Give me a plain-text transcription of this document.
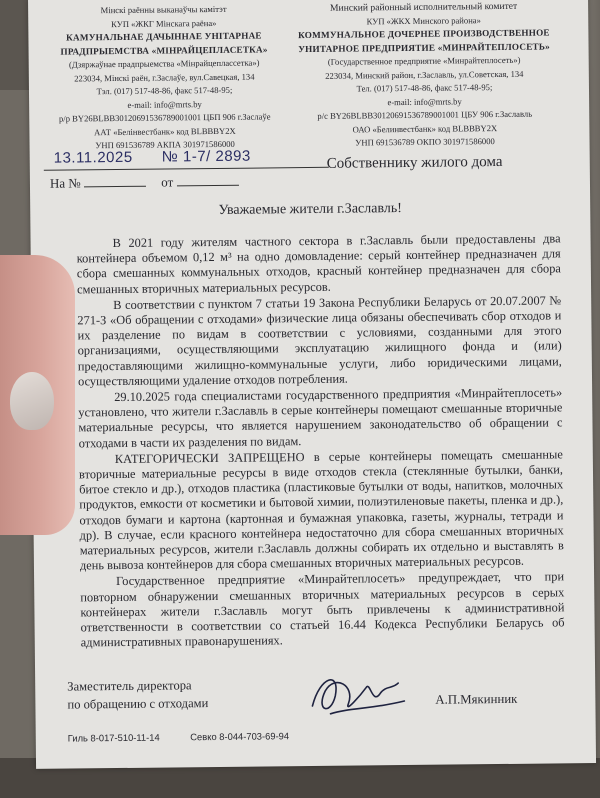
Мінскі раённы выканаўчы камітэт
КУП «ЖКГ Мінскага раёна»
КАМУНАЛЬНАЕ ДАЧЫННАЕ УНІТАРНАЕ
ПРАДПРЫЕМСТВА «МІНРАЙЦЕПЛАСЕТКА»
(Дзяржаўнае прадпрыемства «Мінрайцеплассетка»)
223034, Мінскі раён, г.Заслаўе, вул.Савецкая, 134
Тэл. (017) 517-48-86, факс 517-48-95;
e-mail: info@mrts.by
р/р BY26BLBB30120691536789001001 ЦБП 906 г.Заслаўе
ААТ «Белінвестбанк» код BLBBBY2X
УНП 691536789 АКПА 301971586000
Минский районный исполнительный комитет
КУП «ЖКХ Минского района»
КОММУНАЛЬНОЕ ДОЧЕРНЕЕ ПРОИЗВОДСТВЕННОЕ
УНИТАРНОЕ ПРЕДПРИЯТИЕ «МИНРАЙТЕПЛОСЕТЬ»
(Государственное предприятие «Минрайтеплосеть»)
223034, Минский район, г.Заславль, ул.Советская, 134
Тел. (017) 517-48-86, факс 517-48-95;
e-mail: info@mrts.by
р/с BY26BLBB30120691536789001001 ЦБУ 906 г.Заславль
ОАО «Белинвестбанк» код BLBBBY2X
УНП 691536789 ОКПО 301971586000
13.11.2025 № 1-7/ 2893
На №	от
Собственнику жилого дома
Уважаемые жители г.Заславль!

В 2021 году жителям частного сектора в г.Заславль были предоставлены два контейнера объемом 0,12 м³ на одно домовладение: серый контейнер предназначен для сбора смешанных коммунальных отходов, красный контейнер предназначен для сбора смешанных вторичных материальных ресурсов.

В соответствии с пунктом 7 статьи 19 Закона Республики Беларусь от 20.07.2007 № 271-З «Об обращении с отходами» физические лица обязаны обеспечивать сбор отходов и их разделение по видам в соответствии с условиями, созданными для этого организациями, осуществляющими эксплуатацию жилищного фонда и (или) предоставляющими жилищно-коммунальные услуги, либо юридическими лицами, осуществляющими удаление отходов потребления.

29.10.2025 года специалистами государственного предприятия «Минрайтеплосеть» установлено, что жители г.Заславль в серые контейнеры помещают смешанные вторичные материальные ресурсы, что является нарушением законодательство об обращении с отходами в части их разделения по видам.

КАТЕГОРИЧЕСКИ ЗАПРЕЩЕНО в серые контейнеры помещать смешанные вторичные материальные ресурсы в виде отходов стекла (стеклянные бутылки, банки, битое стекло и др.), отходов пластика (пластиковые бутылки от воды, напитков, молочных продуктов, емкости от косметики и бытовой химии, полиэтиленовые пакеты, пленка и др.), отходов бумаги и картона (картонная и бумажная упаковка, газеты, журналы, тетради и др). В случае, если красного контейнера недостаточно для сбора смешанных вторичных материальных ресурсов, жители г.Заславль должны собирать их отдельно и выставлять в день вывоза контейнеров для сбора смешанных вторичных материальных ресурсов.

Государственное предприятие «Минрайтеплосеть» предупреждает, что при повторном обнаружении смешанных вторичных материальных ресурсов в серых контейнерах жители г.Заславль могут быть привлечены к административной ответственности в соответствии со статьей 16.44 Кодекса Республики Беларусь об административных правонарушениях.

Заместитель директора
по обращению с отходами	А.П.Мякинник
Гиль 8-017-510-11-14	Севко 8-044-703-69-94
